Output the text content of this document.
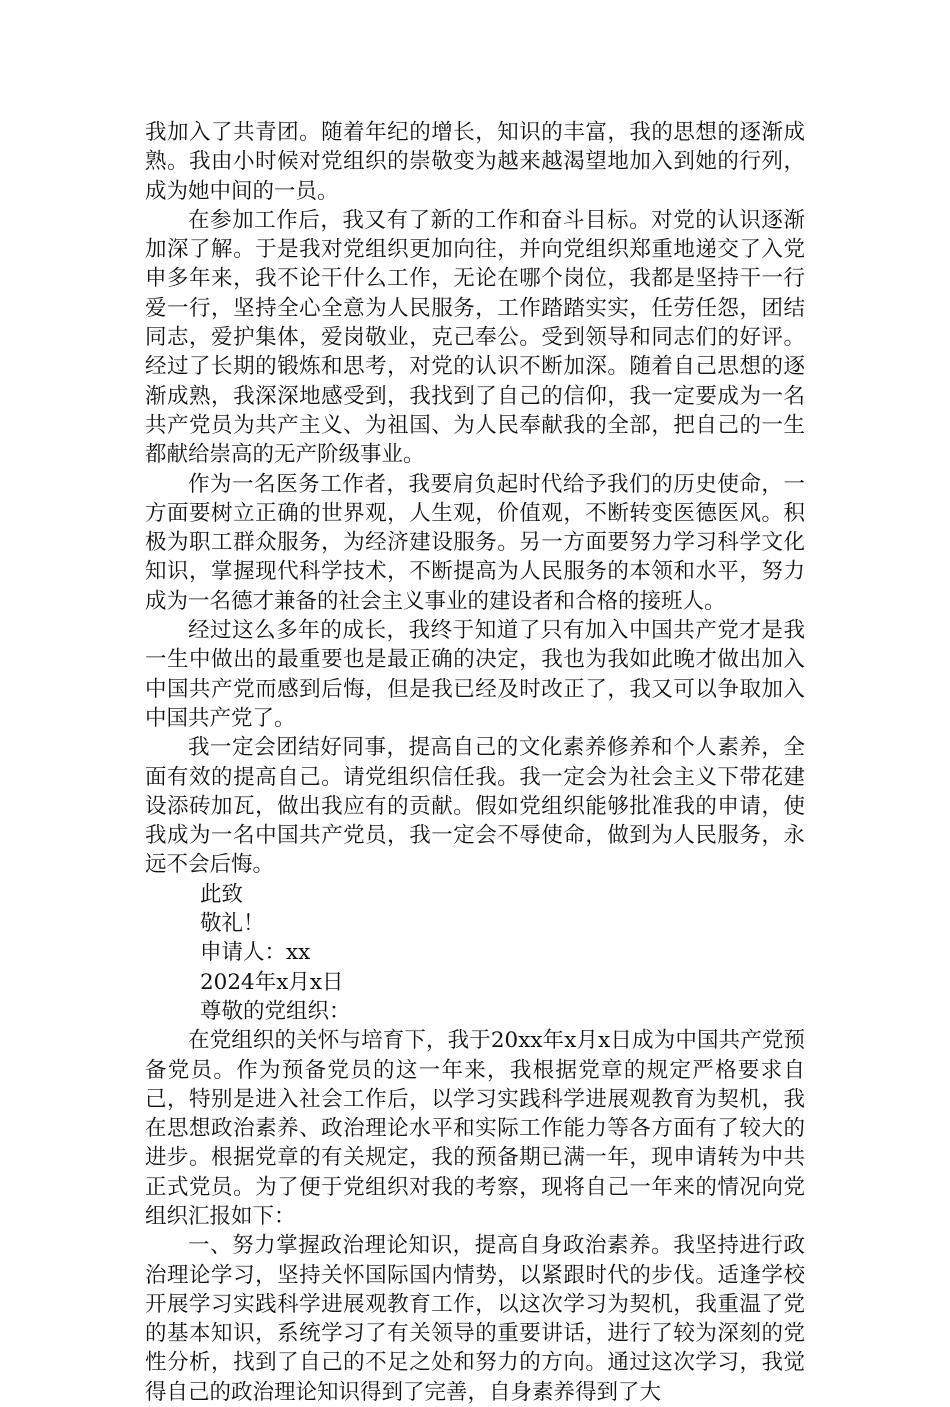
我加入了共青团。随着年纪的增长，知识的丰富，我的思想的逐渐成熟。我由小时候对党组织的崇敬变为越来越渴望地加入到她的行列，成为她中间的一员。

在参加工作后，我又有了新的工作和奋斗目标。对党的认识逐渐加深了解。于是我对党组织更加向往，并向党组织郑重地递交了入党申多年来，我不论干什么工作，无论在哪个岗位，我都是坚持干一行爱一行，坚持全心全意为人民服务，工作踏踏实实，任劳任怨，团结同志，爱护集体，爱岗敬业，克己奉公。受到领导和同志们的好评。经过了长期的锻炼和思考，对党的认识不断加深。随着自己思想的逐渐成熟，我深深地感受到，我找到了自己的信仰，我一定要成为一名共产党员为共产主义、为祖国、为人民奉献我的全部，把自己的一生都献给崇高的无产阶级事业。

作为一名医务工作者，我要肩负起时代给予我们的历史使命，一方面要树立正确的世界观，人生观，价值观，不断转变医德医风。积极为职工群众服务，为经济建设服务。另一方面要努力学习科学文化知识，掌握现代科学技术，不断提高为人民服务的本领和水平，努力成为一名德才兼备的社会主义事业的建设者和合格的接班人。

经过这么多年的成长，我终于知道了只有加入中国共产党才是我一生中做出的最重要也是最正确的决定，我也为我如此晚才做出加入中国共产党而感到后悔，但是我已经及时改正了，我又可以争取加入中国共产党了。

我一定会团结好同事，提高自己的文化素养修养和个人素养，全面有效的提高自己。请党组织信任我。我一定会为社会主义下带花建设添砖加瓦，做出我应有的贡献。假如党组织能够批准我的申请，使我成为一名中国共产党员，我一定会不辱使命，做到为人民服务，永远不会后悔。

此致

敬礼！

申请人：xx

2024年x月x日

尊敬的党组织：

在党组织的关怀与培育下，我于20xx年x月x日成为中国共产党预备党员。作为预备党员的这一年来，我根据党章的规定严格要求自己，特别是进入社会工作后，以学习实践科学进展观教育为契机，我在思想政治素养、政治理论水平和实际工作能力等各方面有了较大的进步。根据党章的有关规定，我的预备期已满一年，现申请转为中共正式党员。为了便于党组织对我的考察，现将自己一年来的情况向党组织汇报如下：

一、努力掌握政治理论知识，提高自身政治素养。我坚持进行政治理论学习，坚持关怀国际国内情势，以紧跟时代的步伐。适逢学校开展学习实践科学进展观教育工作，以这次学习为契机，我重温了党的基本知识，系统学习了有关领导的重要讲话，进行了较为深刻的党性分析，找到了自己的不足之处和努力的方向。通过这次学习，我觉得自己的政治理论知识得到了完善，自身素养得到了大
